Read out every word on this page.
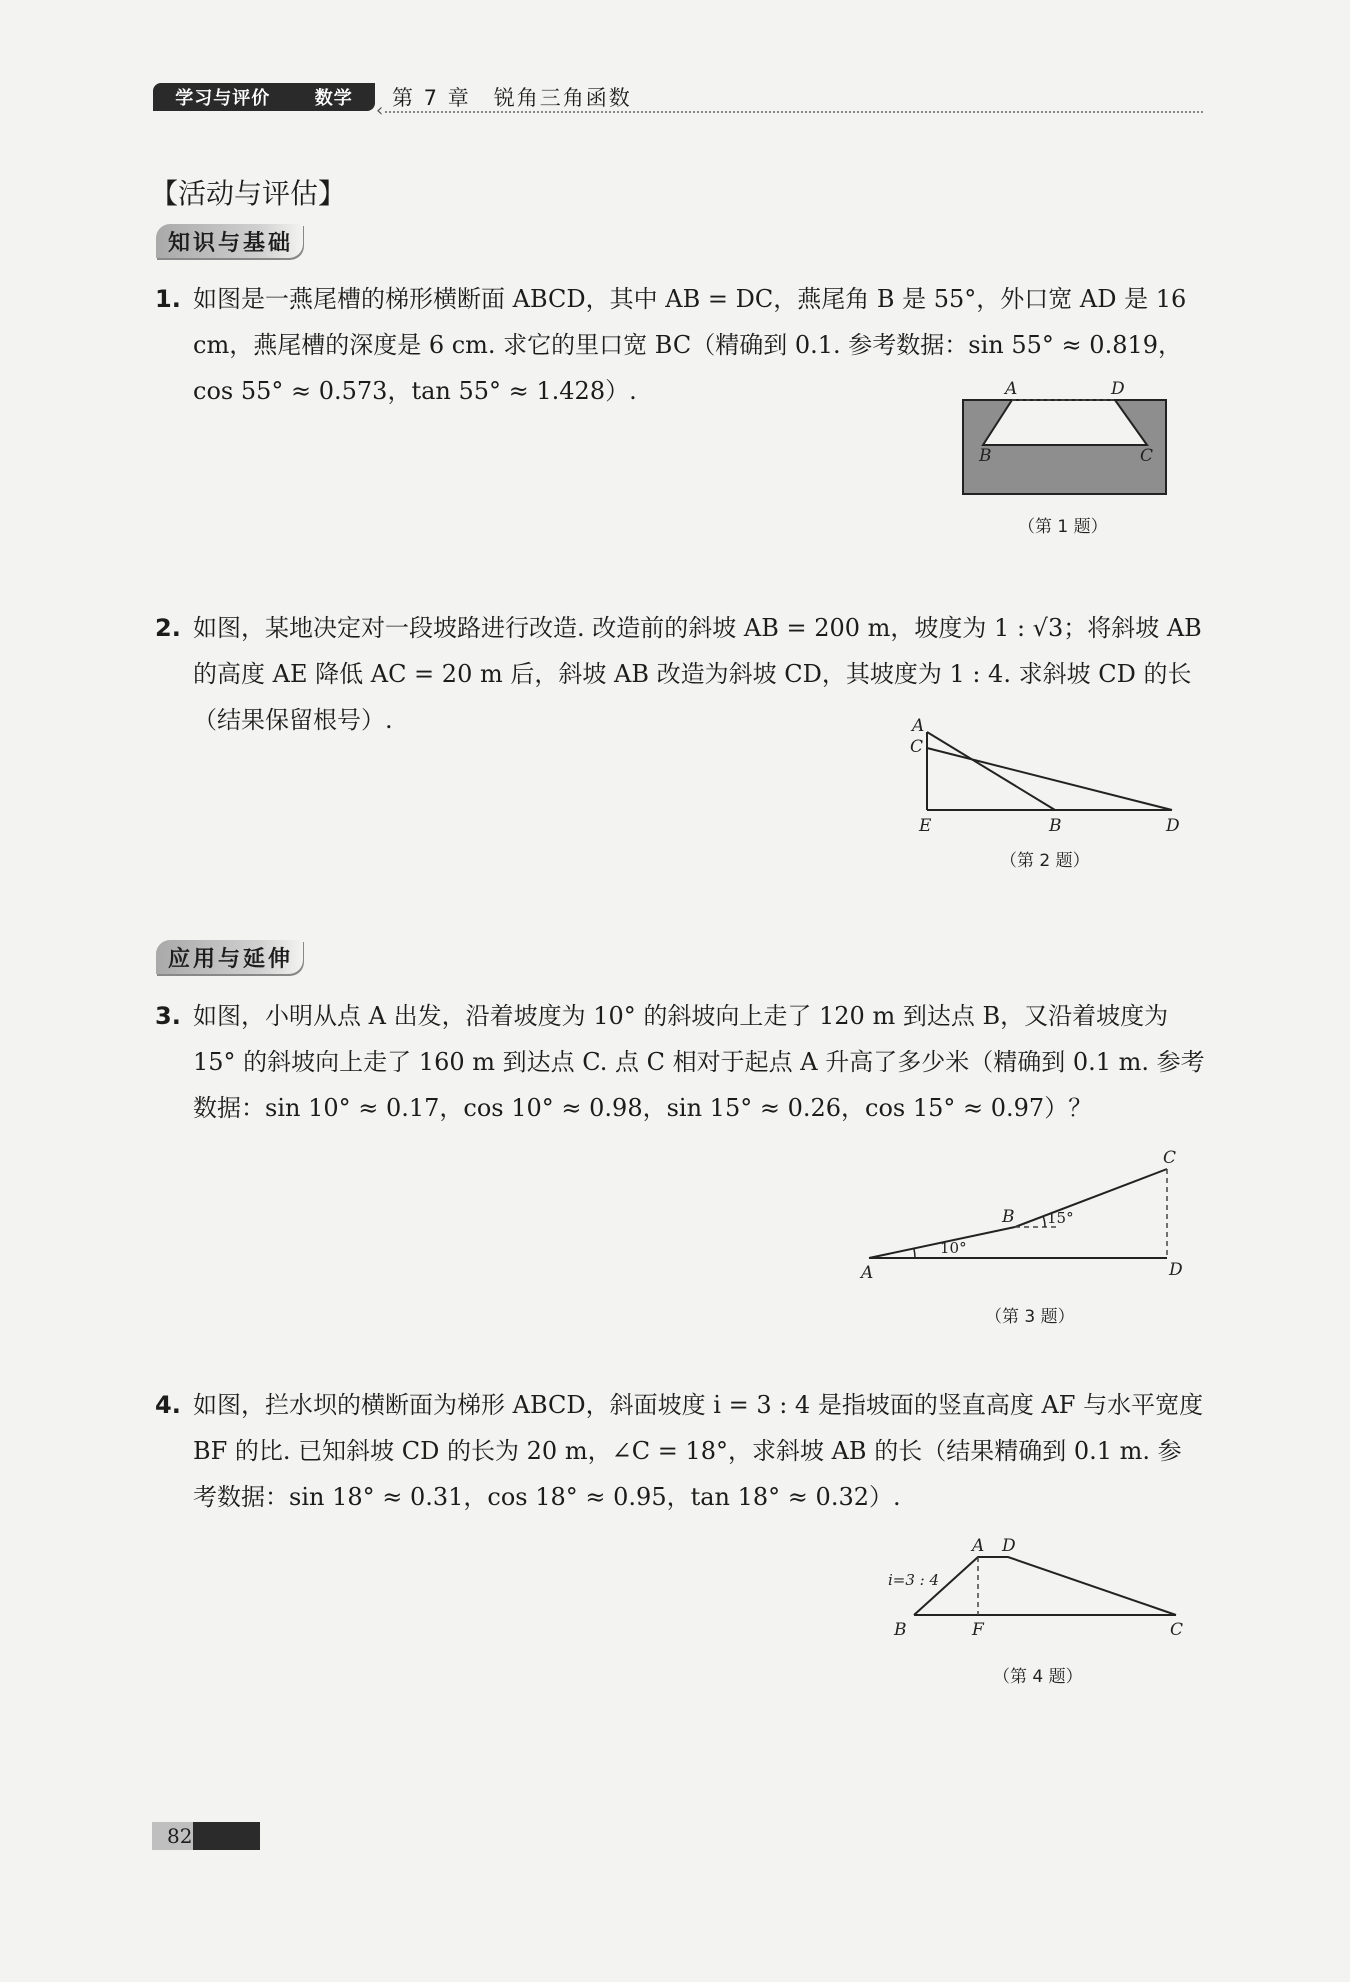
学习与评价 数学
‹
第 7 章　锐角三角函数
【活动与评估】
知识与基础
1. 如图是一燕尾槽的梯形横断面 ABCD，其中 AB = DC，燕尾角 B 是 55°，外口宽 AD 是 16 cm，燕尾槽的深度是 6 cm. 求它的里口宽 BC（精确到 0.1. 参考数据：sin 55° ≈ 0.819，cos 55° ≈ 0.573，tan 55° ≈ 1.428）.	A	D
B	C
（第 1 题）
2. 如图，某地决定对一段坡路进行改造. 改造前的斜坡 AB = 200 m，坡度为 1 : √3；将斜坡 AB 的高度 AE 降低 AC = 20 m 后，斜坡 AB 改造为斜坡 CD，其坡度为 1 : 4. 求斜坡 CD 的长（结果保留根号）.	A
C
E	B	D
（第 2 题）
应用与延伸
3. 如图，小明从点 A 出发，沿着坡度为 10° 的斜坡向上走了 120 m 到达点 B，又沿着坡度为 15° 的斜坡向上走了 160 m 到达点 C. 点 C 相对于起点 A 升高了多少米（精确到 0.1 m. 参考数据：sin 10° ≈ 0.17，cos 10° ≈ 0.98，sin 15° ≈ 0.26，cos 15° ≈ 0.97）？
C
B 15°
10°
A	D
（第 3 题）
4. 如图，拦水坝的横断面为梯形 ABCD，斜面坡度 i = 3 : 4 是指坡面的竖直高度 AF 与水平宽度 BF 的比. 已知斜坡 CD 的长为 20 m，∠C = 18°，求斜坡 AB 的长（结果精确到 0.1 m. 参考数据：sin 18° ≈ 0.31，cos 18° ≈ 0.95，tan 18° ≈ 0.32）.
A D
i=3 : 4
B	F	C
（第 4 题）
82
